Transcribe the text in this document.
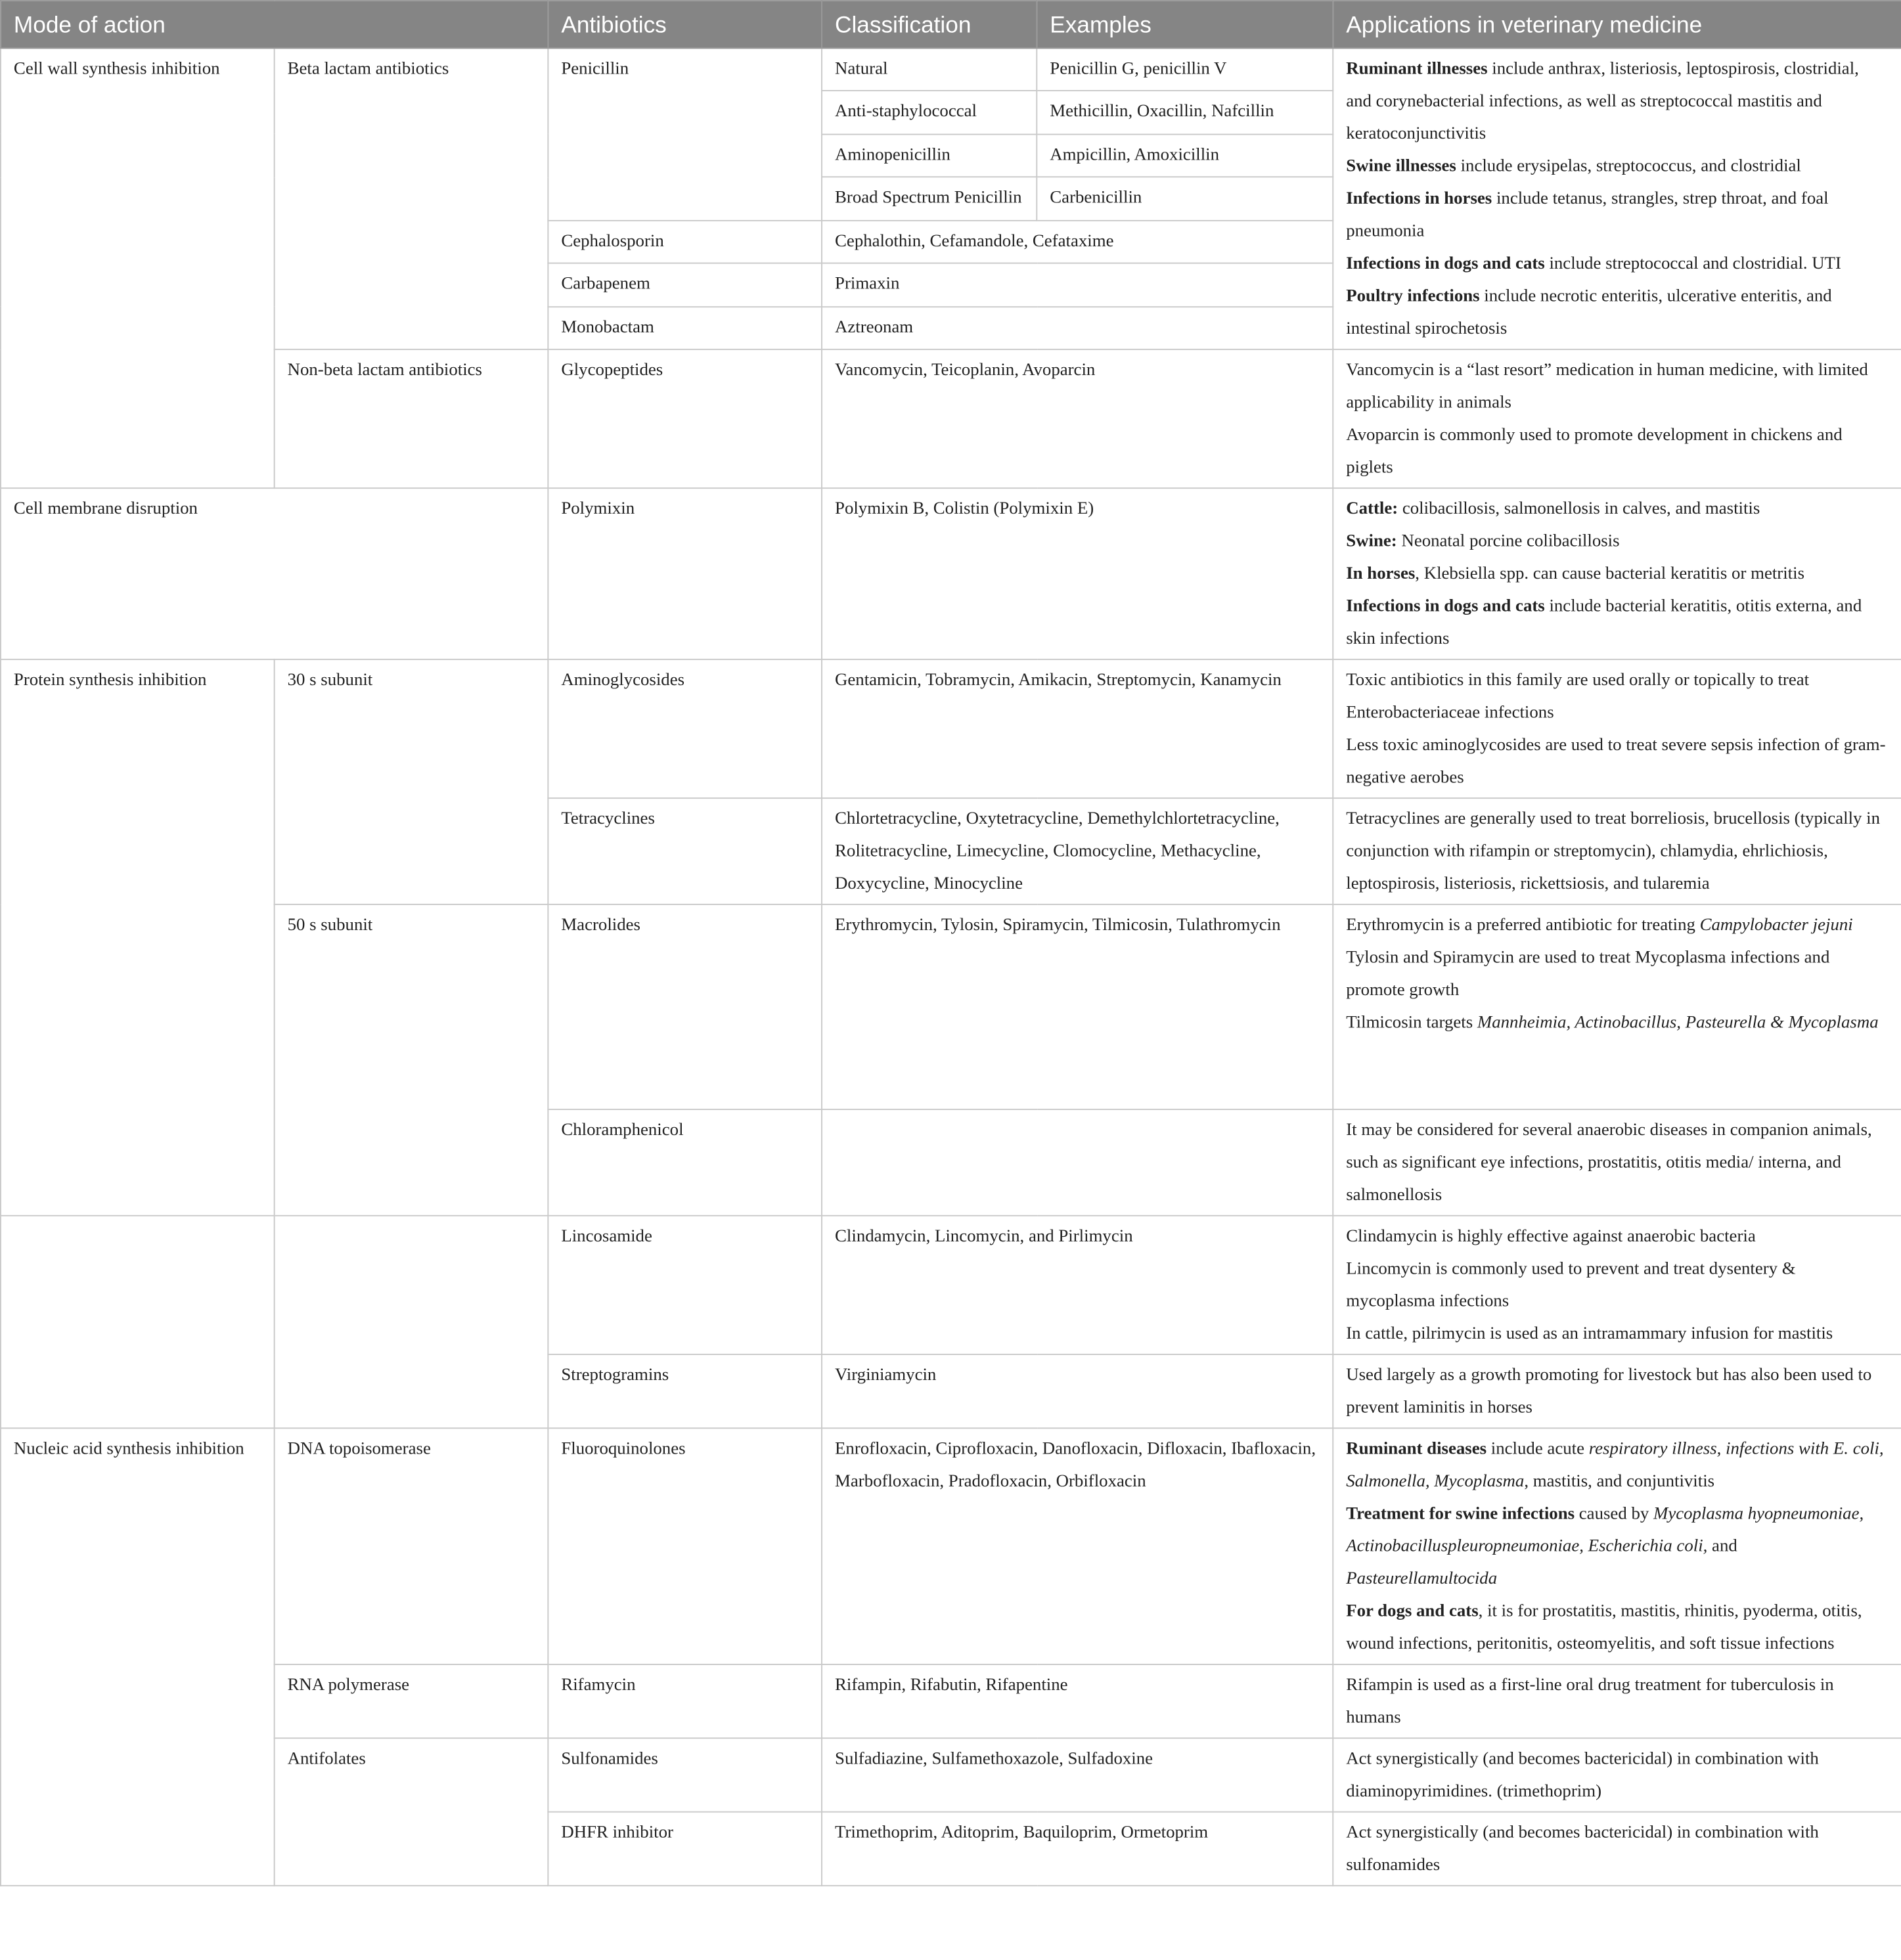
Mode of action		Antibiotics	Classification	Examples	Applications in veterinary medicine
Cell wall synthesis inhibition	Beta lactam antibiotics	Penicillin	Natural	Penicillin G, penicillin V	Ruminant illnesses include anthrax, listeriosis, leptospirosis, clostridial, and corynebacterial infections, as well as streptococcal mastitis and keratoconjunctivitis
Swine illnesses include erysipelas, streptococcus, and clostridial
Infections in horses include tetanus, strangles, strep throat, and foal pneumonia
Infections in dogs and cats include streptococcal and clostridial. UTI
Poultry infections include necrotic enteritis, ulcerative enteritis, and intestinal spirochetosis

			Anti-staphylococcal	Methicillin, Oxacillin, Nafcillin	
			Aminopenicillin	Ampicillin, Amoxicillin	
			Broad Spectrum Penicillin	Carbenicillin	
		Cephalosporin	Cephalothin, Cefamandole, Cefataxime		
		Carbapenem	Primaxin		
		Monobactam	Aztreonam		
	Non-beta lactam antibiotics	Glycopeptides	Vancomycin, Teicoplanin, Avoparcin		Vancomycin is a “last resort” medication in human medicine, with limited applicability in animals
Avoparcin is commonly used to promote development in chickens and piglets

Cell membrane disruption		Polymixin	Polymixin B, Colistin (Polymixin E)		Cattle: colibacillosis, salmonellosis in calves, and mastitis
Swine: Neonatal porcine colibacillosis
In horses, Klebsiella spp. can cause bacterial keratitis or metritis
Infections in dogs and cats include bacterial keratitis, otitis externa, and skin infections

Protein synthesis inhibition	30 s subunit	Aminoglycosides	Gentamicin, Tobramycin, Amikacin, Streptomycin, Kanamycin		Toxic antibiotics in this family are used orally or topically to treat Enterobacteriaceae infections
Less toxic aminoglycosides are used to treat severe sepsis infection of gram-negative aerobes

		Tetracyclines	Chlortetracycline, Oxytetracycline, Demethylchlortetracycline, Rolitetracycline, Limecycline, Clomocycline, Methacycline, Doxycycline, Minocycline		Tetracyclines are generally used to treat borreliosis, brucellosis (typically in conjunction with rifampin or streptomycin), chlamydia, ehrlichiosis, leptospirosis, listeriosis, rickettsiosis, and tularemia
	50 s subunit	Macrolides	Erythromycin, Tylosin, Spiramycin, Tilmicosin, Tulathromycin		Erythromycin is a preferred antibiotic for treating Campylobacter jejuni
Tylosin and Spiramycin are used to treat Mycoplasma infections and promote growth
Tilmicosin targets Mannheimia, Actinobacillus, Pasteurella & Mycoplasma

		Chloramphenicol			It may be considered for several anaerobic diseases in companion animals, such as significant eye infections, prostatitis, otitis media/ interna, and salmonellosis
		Lincosamide	Clindamycin, Lincomycin, and Pirlimycin		Clindamycin is highly effective against anaerobic bacteria
Lincomycin is commonly used to prevent and treat dysentery & mycoplasma infections
In cattle, pilrimycin is used as an intramammary infusion for mastitis

		Streptogramins	Virginiamycin		Used largely as a growth promoting for livestock but has also been used to prevent laminitis in horses
Nucleic acid synthesis inhibition	DNA topoisomerase	Fluoroquinolones	Enrofloxacin, Ciprofloxacin, Danofloxacin, Difloxacin, Ibafloxacin, Marbofloxacin, Pradofloxacin, Orbifloxacin		Ruminant diseases include acute respiratory illness, infections with E. coli, Salmonella, Mycoplasma, mastitis, and conjuntivitis
Treatment for swine infections caused by Mycoplasma hyopneumoniae, Actinobacilluspleuropneumoniae, Escherichia coli, and Pasteurellamultocida
For dogs and cats, it is for prostatitis, mastitis, rhinitis, pyoderma, otitis, wound infections, peritonitis, osteomyelitis, and soft tissue infections

	RNA polymerase	Rifamycin	Rifampin, Rifabutin, Rifapentine		Rifampin is used as a first-line oral drug treatment for tuberculosis in humans
	Antifolates	Sulfonamides	Sulfadiazine, Sulfamethoxazole, Sulfadoxine		Act synergistically (and becomes bactericidal) in combination with diaminopyrimidines. (trimethoprim)
		DHFR inhibitor	Trimethoprim, Aditoprim, Baquiloprim, Ormetoprim		Act synergistically (and becomes bactericidal) in combination with sulfonamides
